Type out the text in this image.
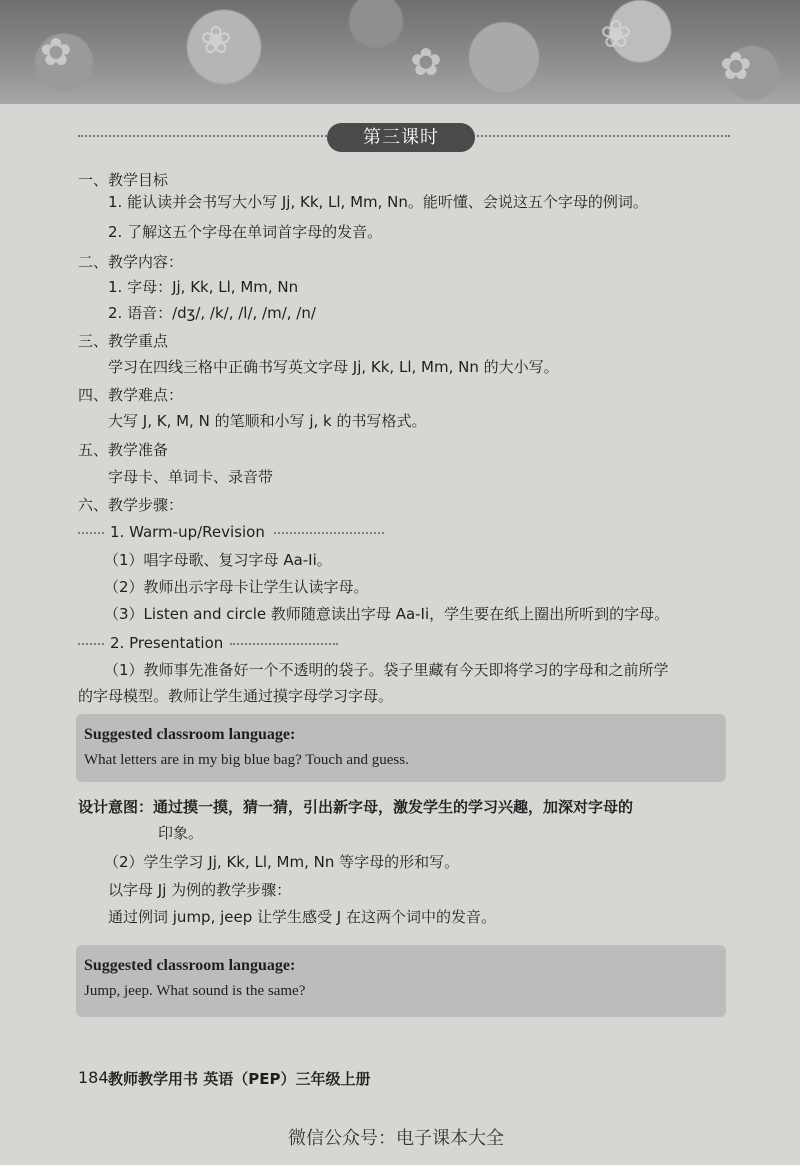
✿	❀	✿
❀
✿
第三课时
一、教学目标
1. 能认读并会书写大小写 Jj, Kk, Ll, Mm, Nn。能听懂、会说这五个字母的例词。
2. 了解这五个字母在单词首字母的发音。
二、教学内容：
1. 字母：Jj, Kk, Ll, Mm, Nn
2. 语音：/dʒ/, /k/, /l/, /m/, /n/
三、教学重点
学习在四线三格中正确书写英文字母 Jj, Kk, Ll, Mm, Nn 的大小写。
四、教学难点：
大写 J, K, M, N 的笔顺和小写 j, k 的书写格式。
五、教学准备
字母卡、单词卡、录音带
六、教学步骤：
1. Warm-up/Revision
（1）唱字母歌、复习字母 Aa-Ii。
（2）教师出示字母卡让学生认读字母。
（3）Listen and circle 教师随意读出字母 Aa-Ii，学生要在纸上圈出所听到的字母。
2. Presentation
（1）教师事先准备好一个不透明的袋子。袋子里藏有今天即将学习的字母和之前所学
的字母模型。教师让学生通过摸字母学习字母。
Suggested classroom language:
What letters are in my big blue bag? Touch and guess.
设计意图：通过摸一摸，猜一猜，引出新字母，激发学生的学习兴趣，加深对字母的
印象。
（2）学生学习 Jj, Kk, Ll, Mm, Nn 等字母的形和写。
以字母 Jj 为例的教学步骤：
通过例词 jump, jeep 让学生感受 J 在这两个词中的发音。
Suggested classroom language:
Jump, jeep. What sound is the same?
184 教师教学用书 英语（PEP）三年级上册
微信公众号：电子课本大全
